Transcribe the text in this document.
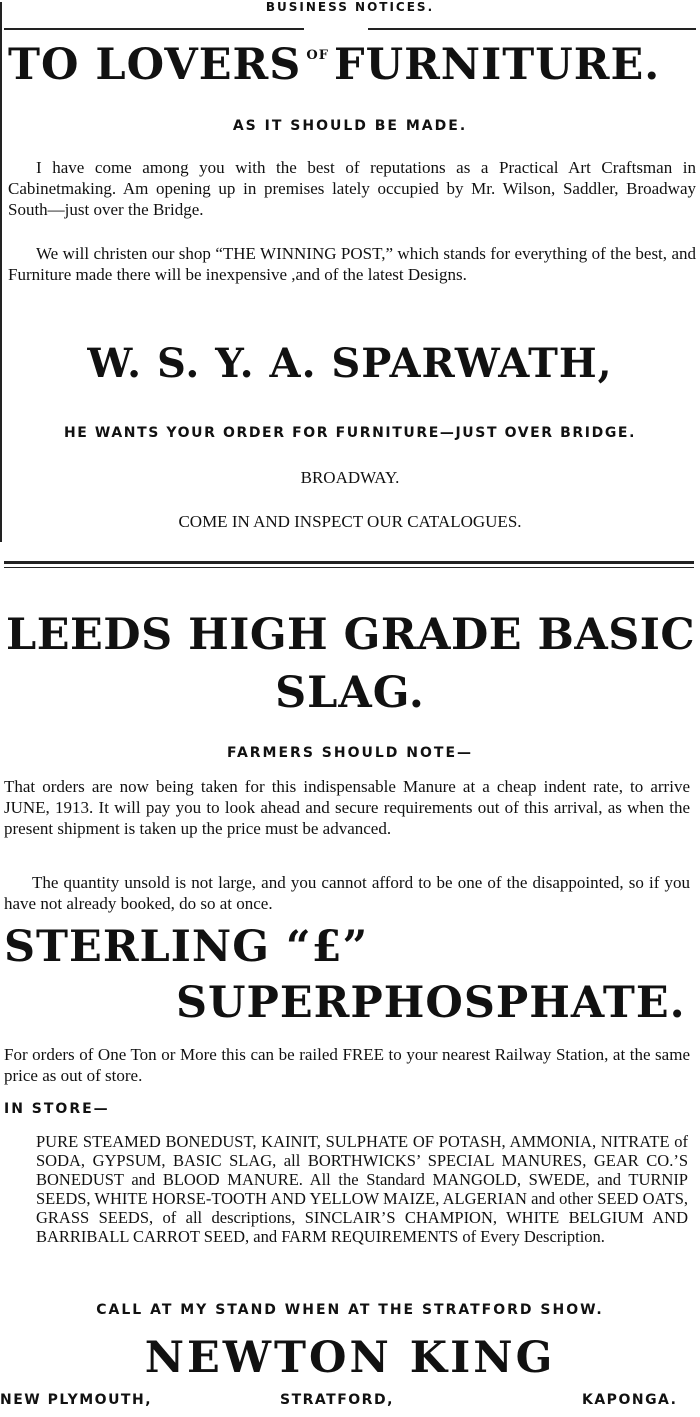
BUSINESS NOTICES.
TO LOVERS $^{OF}$ FURNITURE.
AS IT SHOULD BE MADE.
I have come among you with the best of reputations as a Practical Art Craftsman in Cabinetmaking. Am opening up in premises lately occupied by Mr. Wilson, Saddler, Broadway South—just over the Bridge.
We will christen our shop “THE WINNING POST,” which stands for everything of the best, and Furniture made there will be inexpensive ,and of the latest Designs.
W. S. Y. A. SPARWATH,
HE WANTS YOUR ORDER FOR FURNITURE—JUST OVER BRIDGE.
BROADWAY.
COME IN AND INSPECT OUR CATALOGUES.
LEEDS HIGH GRADE BASIC
SLAG.
FARMERS SHOULD NOTE—
That orders are now being taken for this indispensable Manure at a cheap indent rate, to arrive JUNE, 1913. It will pay you to look ahead and secure requirements out of this arrival, as when the present shipment is taken up the price must be advanced.
The quantity unsold is not large, and you cannot afford to be one of the disappointed, so if you have not already booked, do so at once.
STERLING “£”
SUPERPHOSPHATE.
For orders of One Ton or More this can be railed FREE to your nearest Railway Station, at the same price as out of store.
IN STORE—
PURE STEAMED BONEDUST, KAINIT, SULPHATE OF POTASH, AMMONIA, NITRATE of SODA, GYPSUM, BASIC SLAG, all BORTHWICKS’ SPECIAL MANURES, GEAR CO.’S BONEDUST and BLOOD MANURE. All the Standard MANGOLD, SWEDE, and TURNIP SEEDS, WHITE HORSE-TOOTH AND YELLOW MAIZE, ALGERIAN and other SEED OATS, GRASS SEEDS, of all descriptions, SINCLAIR’S CHAMPION, WHITE BELGIUM AND BARRIBALL CARROT SEED, and FARM REQUIREMENTS of Every Description.
CALL AT MY STAND WHEN AT THE STRATFORD SHOW.
NEWTON KING
NEW PLYMOUTH,	STRATFORD,	KAPONGA.
